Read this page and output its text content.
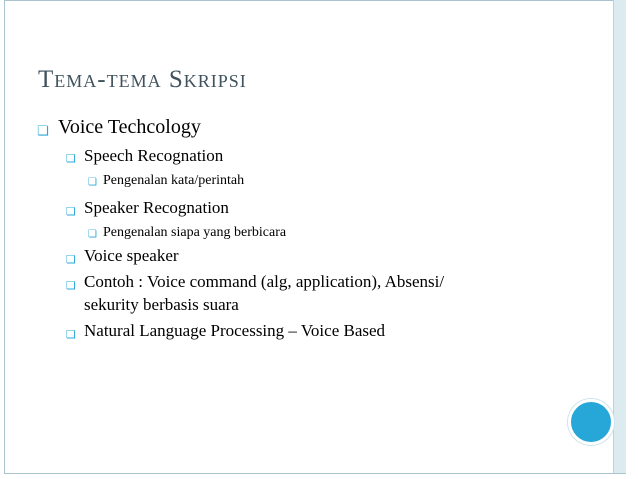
Tema-tema Skripsi
❏ Voice Techcology
❏ Speech Recognation
❏ Pengenalan kata/perintah
❏ Speaker Recognation
❏ Pengenalan siapa yang berbicara
❏ Voice speaker
❏ Contoh : Voice command (alg, application), Absensi/
sekurity berbasis suara
❏ Natural Language Processing – Voice Based
